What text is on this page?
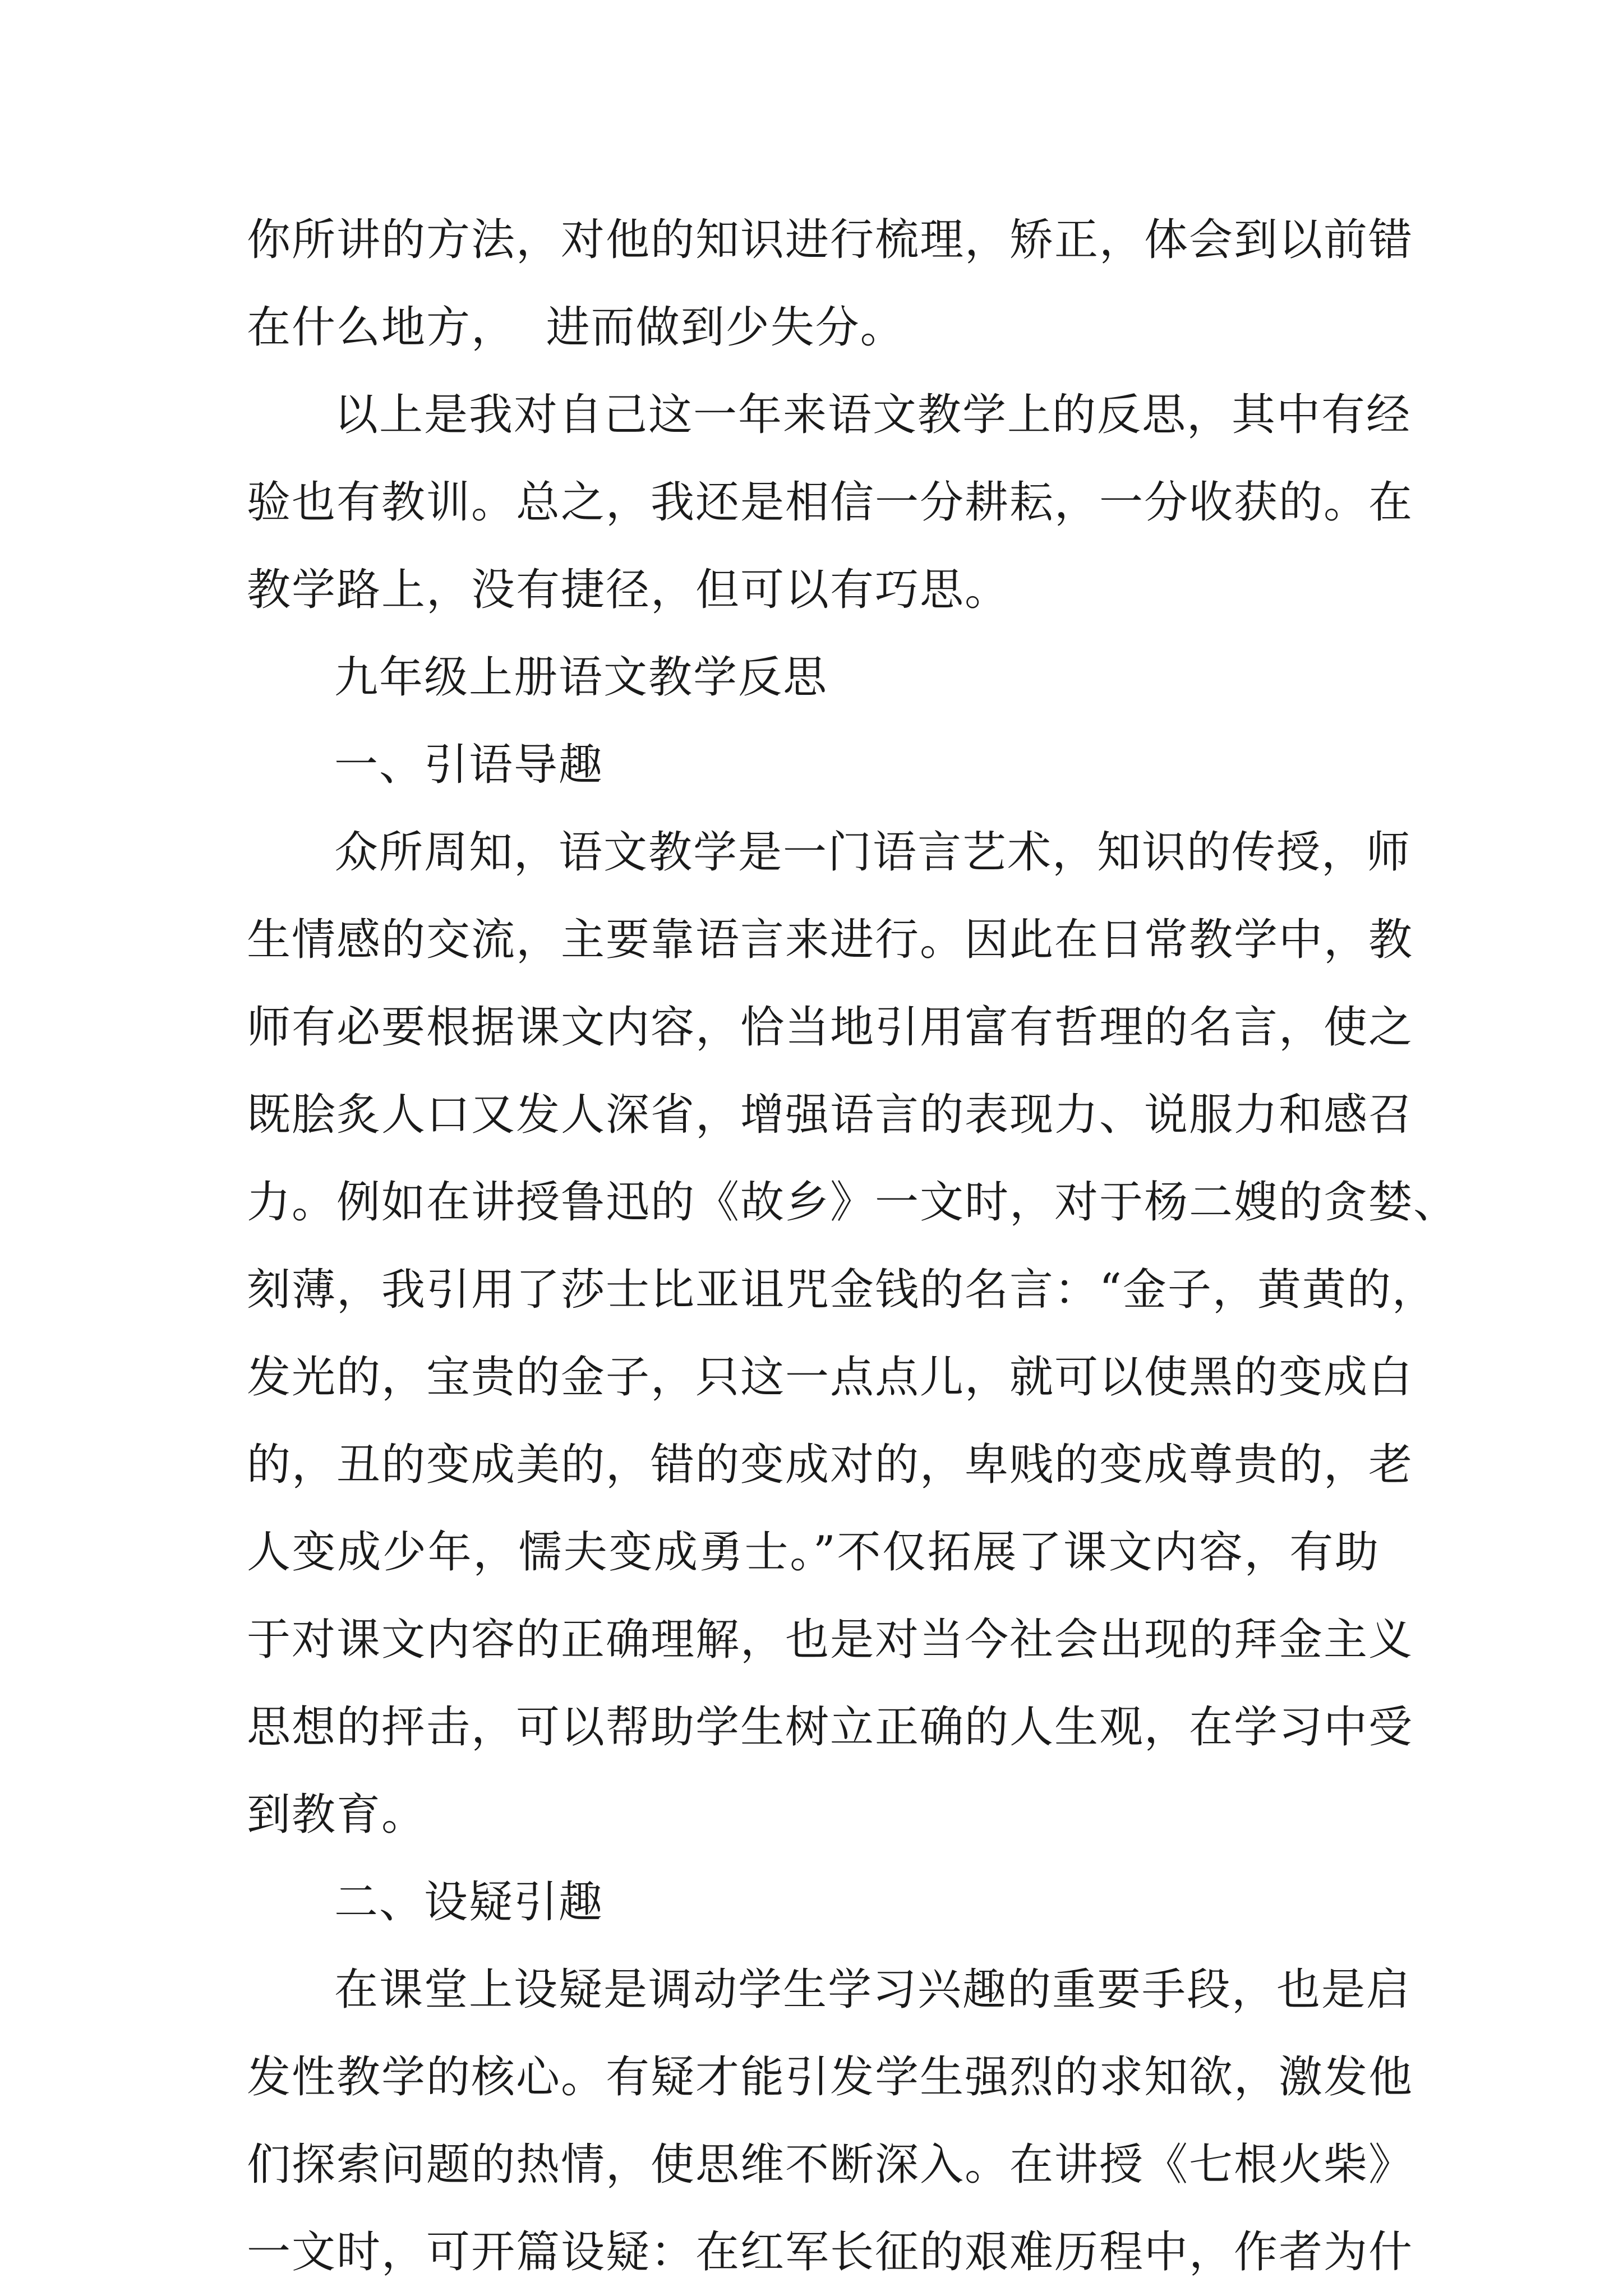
你所讲的方法，对他的知识进行梳理，矫正，体会到以前错
在什么地方，  进而做到少失分。
以上是我对自己这一年来语文教学上的反思，其中有经
验也有教训。总之，我还是相信一分耕耘，一分收获的。在
教学路上，没有捷径，但可以有巧思。
九年级上册语文教学反思
一、引语导趣
众所周知，语文教学是一门语言艺术，知识的传授，师
生情感的交流，主要靠语言来进行。因此在日常教学中，教
师有必要根据课文内容，恰当地引用富有哲理的名言，使之
既脍炙人口又发人深省，增强语言的表现力、说服力和感召
力。例如在讲授鲁迅的《故乡》一文时，对于杨二嫂的贪婪、
刻薄，我引用了莎士比亚诅咒金钱的名言：“金子，黄黄的，
发光的，宝贵的金子，只这一点点儿，就可以使黑的变成白
的，丑的变成美的，错的变成对的，卑贱的变成尊贵的，老
人变成少年，懦夫变成勇士。”不仅拓展了课文内容，有助
于对课文内容的正确理解，也是对当今社会出现的拜金主义
思想的抨击，可以帮助学生树立正确的人生观，在学习中受
到教育。
二、设疑引趣
在课堂上设疑是调动学生学习兴趣的重要手段，也是启
发性教学的核心。有疑才能引发学生强烈的求知欲，激发他
们探索问题的热情，使思维不断深入。在讲授《七根火柴》
一文时，可开篇设疑：在红军长征的艰难历程中，作者为什
